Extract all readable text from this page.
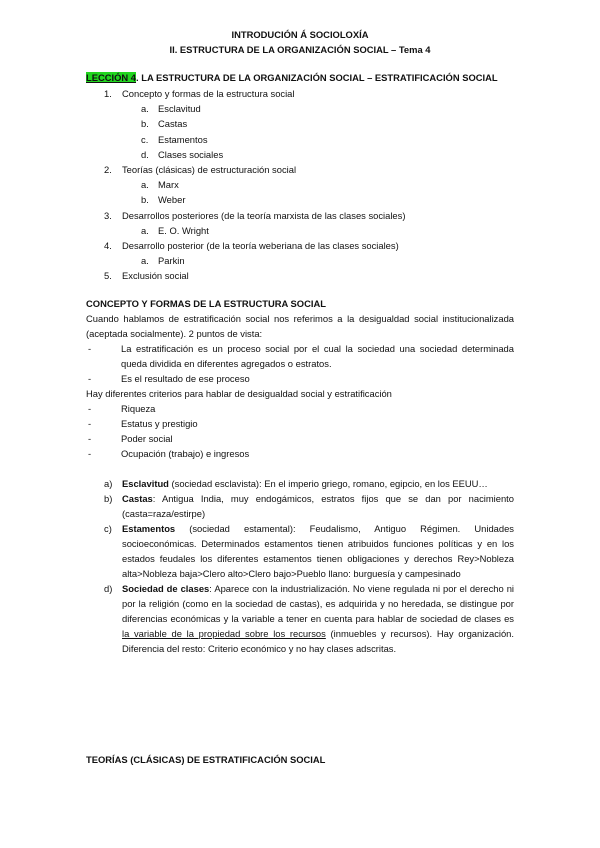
INTRODUCIÓN Á SOCIOLOXÍA
II. ESTRUCTURA DE LA ORGANIZACIÓN SOCIAL – Tema 4
LECCIÓN 4. LA ESTRUCTURA DE LA ORGANIZACIÓN SOCIAL – ESTRATIFICACIÓN SOCIAL
1. Concepto y formas de la estructura social
a. Esclavitud
b. Castas
c. Estamentos
d. Clases sociales
2. Teorías (clásicas) de estructuración social
a. Marx
b. Weber
3. Desarrollos posteriores (de la teoría marxista de las clases sociales)
a. E. O. Wright
4. Desarrollo posterior (de la teoría weberiana de las clases sociales)
a. Parkin
5. Exclusión social
CONCEPTO Y FORMAS DE LA ESTRUCTURA SOCIAL
Cuando hablamos de estratificación social nos referimos a la desigualdad social institucionalizada (aceptada socialmente). 2 puntos de vista:
-	La estratificación es un proceso social por el cual la sociedad una sociedad determinada queda dividida en diferentes agregados o estratos.
-	Es el resultado de ese proceso
Hay diferentes criterios para hablar de desigualdad social y estratificación
-	Riqueza
-	Estatus y prestigio
-	Poder social
-	Ocupación (trabajo) e ingresos
a) Esclavitud (sociedad esclavista): En el imperio griego, romano, egipcio, en los EEUU…
b) Castas: Antigua India, muy endogámicos, estratos fijos que se dan por nacimiento (casta=raza/estirpe)
c) Estamentos (sociedad estamental): Feudalismo, Antiguo Régimen. Unidades socioeconómicas. Determinados estamentos tienen atribuidos funciones políticas y en los estados feudales los diferentes estamentos tienen obligaciones y derechos Rey>Nobleza alta>Nobleza baja>Clero alto>Clero bajo>Pueblo llano: burguesía y campesinado
d) Sociedad de clases: Aparece con la industrialización. No viene regulada ni por el derecho ni por la religión (como en la sociedad de castas), es adquirida y no heredada, se distingue por diferencias económicas y la variable a tener en cuenta para hablar de sociedad de clases es la variable de la propiedad sobre los recursos (inmuebles y recursos). Hay organización. Diferencia del resto: Criterio económico y no hay clases adscritas.
TEORÍAS (CLÁSICAS) DE ESTRATIFICACIÓN SOCIAL
